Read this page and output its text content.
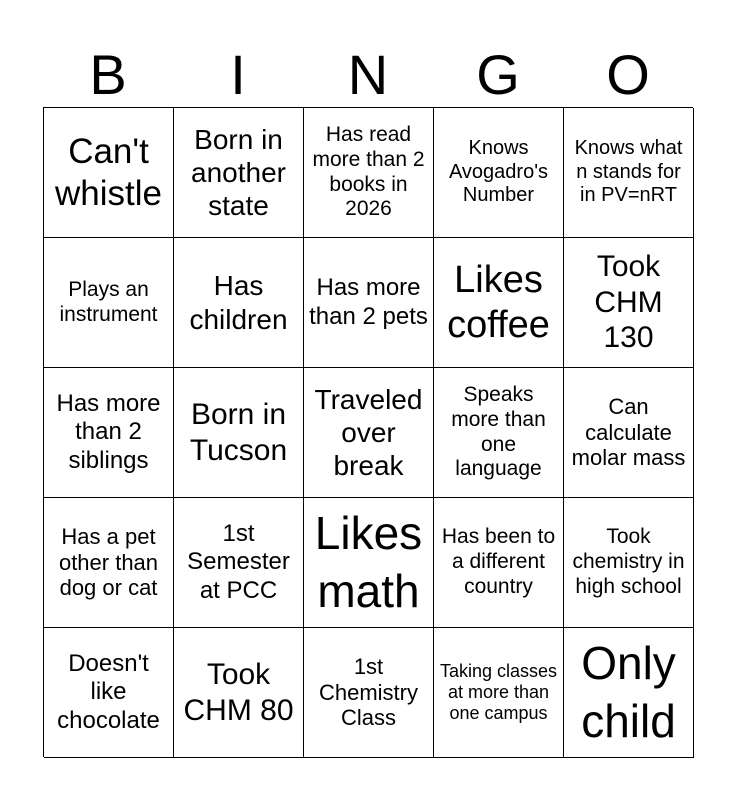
B	I	N	G	O
Can't whistle
Born in another state
Has read more than 2 books in 2026
Knows Avogadro's Number
Knows what n stands for in PV=nRT
Plays an instrument
Has children
Has more than 2 pets
Likes coffee
Took CHM 130
Has more than 2 siblings
Born in Tucson
Traveled over break
Speaks more than one language
Can calculate molar mass
Has a pet other than dog or cat
1st Semester at PCC
Likes math
Has been to a different country
Took chemistry in high school
Doesn't like chocolate
Took CHM 80
1st Chemistry Class
Taking classes at more than one campus
Only child
